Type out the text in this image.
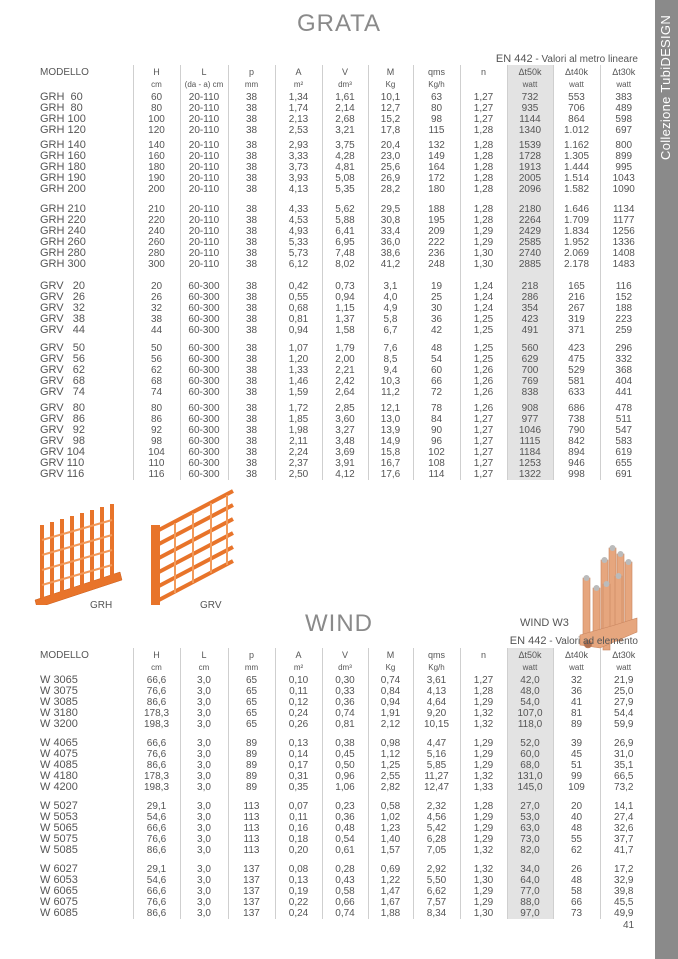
Collezione TubiDESIGN
GRATA
EN 442 - Valori al metro lineare
MODELLO	H	L	p	A	V	M	qms	n	Δt50k	Δt40k	Δt30k
	cm	(da - a) cm	mm	m²	dm³	Kg	Kg/h		watt	watt	watt
GRH  60	60	20-110	38	1,34	1,61	10,1	63	1,27	732	553	383
GRH  80	80	20-110	38	1,74	2,14	12,7	80	1,27	935	706	489
GRH 100	100	20-110	38	2,13	2,68	15,2	98	1,27	1144	864	598
GRH 120	120	20-110	38	2,53	3,21	17,8	115	1,28	1340	1.012	697

GRH 140	140	20-110	38	2,93	3,75	20,4	132	1,28	1539	1.162	800
GRH 160	160	20-110	38	3,33	4,28	23,0	149	1,28	1728	1.305	899
GRH 180	180	20-110	38	3,73	4,81	25,6	164	1,28	1913	1.444	995
GRH 190	190	20-110	38	3,93	5,08	26,9	172	1,28	2005	1.514	1043
GRH 200	200	20-110	38	4,13	5,35	28,2	180	1,28	2096	1.582	1090

GRH 210	210	20-110	38	4,33	5,62	29,5	188	1,28	2180	1.646	1134
GRH 220	220	20-110	38	4,53	5,88	30,8	195	1,28	2264	1.709	1177
GRH 240	240	20-110	38	4,93	6,41	33,4	209	1,29	2429	1.834	1256
GRH 260	260	20-110	38	5,33	6,95	36,0	222	1,29	2585	1.952	1336
GRH 280	280	20-110	38	5,73	7,48	38,6	236	1,30	2740	2.069	1408
GRH 300	300	20-110	38	6,12	8,02	41,2	248	1,30	2885	2.178	1483

GRV   20	20	60-300	38	0,42	0,73	3,1	19	1,24	218	165	116
GRV   26	26	60-300	38	0,55	0,94	4,0	25	1,24	286	216	152
GRV   32	32	60-300	38	0,68	1,15	4,9	30	1,24	354	267	188
GRV   38	38	60-300	38	0,81	1,37	5,8	36	1,25	423	319	223
GRV   44	44	60-300	38	0,94	1,58	6,7	42	1,25	491	371	259

GRV   50	50	60-300	38	1,07	1,79	7,6	48	1,25	560	423	296
GRV   56	56	60-300	38	1,20	2,00	8,5	54	1,25	629	475	332
GRV   62	62	60-300	38	1,33	2,21	9,4	60	1,26	700	529	368
GRV   68	68	60-300	38	1,46	2,42	10,3	66	1,26	769	581	404
GRV   74	74	60-300	38	1,59	2,64	11,2	72	1,26	838	633	441

GRV   80	80	60-300	38	1,72	2,85	12,1	78	1,26	908	686	478
GRV   86	86	60-300	38	1,85	3,60	13,0	84	1,27	977	738	511
GRV   92	92	60-300	38	1,98	3,27	13,9	90	1,27	1046	790	547
GRV   98	98	60-300	38	2,11	3,48	14,9	96	1,27	1115	842	583
GRV 104	104	60-300	38	2,24	3,69	15,8	102	1,27	1184	894	619
GRV 110	110	60-300	38	2,37	3,91	16,7	108	1,27	1253	946	655
GRV 116	116	60-300	38	2,50	4,12	17,6	114	1,27	1322	998	691
GRH	GRV
WIND	WIND W3
EN 442 - Valori ad elemento
MODELLO	H	L	p	A	V	M	qms	n	Δt50k	Δt40k	Δt30k
	cm	cm	mm	m²	dm³	Kg	Kg/h		watt	watt	watt
W 3065	66,6	3,0	65	0,10	0,30	0,74	3,61	1,27	42,0	32	21,9
W 3075	76,6	3,0	65	0,11	0,33	0,84	4,13	1,28	48,0	36	25,0
W 3085	86,6	3,0	65	0,12	0,36	0,94	4,64	1,29	54,0	41	27,9
W 3180	178,3	3,0	65	0,24	0,74	1,91	9,20	1,32	107,0	81	54,4
W 3200	198,3	3,0	65	0,26	0,81	2,12	10,15	1,32	118,0	89	59,9

W 4065	66,6	3,0	89	0,13	0,38	0,98	4,47	1,29	52,0	39	26,9
W 4075	76,6	3,0	89	0,14	0,45	1,12	5,16	1,29	60,0	45	31,0
W 4085	86,6	3,0	89	0,17	0,50	1,25	5,85	1,29	68,0	51	35,1
W 4180	178,3	3,0	89	0,31	0,96	2,55	11,27	1,32	131,0	99	66,5
W 4200	198,3	3,0	89	0,35	1,06	2,82	12,47	1,33	145,0	109	73,2

W 5027	29,1	3,0	113	0,07	0,23	0,58	2,32	1,28	27,0	20	14,1
W 5053	54,6	3,0	113	0,11	0,36	1,02	4,56	1,29	53,0	40	27,4
W 5065	66,6	3,0	113	0,16	0,48	1,23	5,42	1,29	63,0	48	32,6
W 5075	76,6	3,0	113	0,18	0,54	1,40	6,28	1,29	73,0	55	37,7
W 5085	86,6	3,0	113	0,20	0,61	1,57	7,05	1,32	82,0	62	41,7

W 6027	29,1	3,0	137	0,08	0,28	0,69	2,92	1,32	34,0	26	17,2
W 6053	54,6	3,0	137	0,13	0,43	1,22	5,50	1,30	64,0	48	32,9
W 6065	66,6	3,0	137	0,19	0,58	1,47	6,62	1,29	77,0	58	39,8
W 6075	76,6	3,0	137	0,22	0,66	1,67	7,57	1,29	88,0	66	45,5
W 6085	86,6	3,0	137	0,24	0,74	1,88	8,34	1,30	97,0	73	49,9
41
